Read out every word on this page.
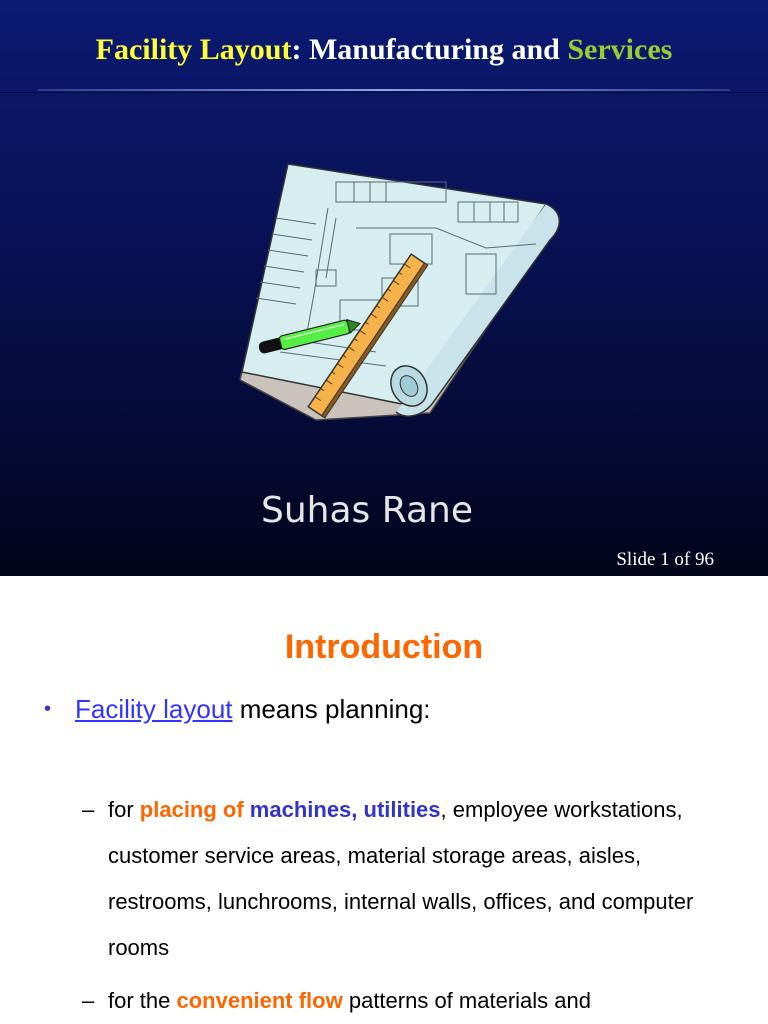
Facility Layout: Manufacturing and Services
Suhas Rane
Slide 1 of 96
Introduction
• Facility layout means planning:
– for placing of machines, utilities, employee workstations, customer service areas, material storage areas, aisles, restrooms, lunchrooms, internal walls, offices, and computer rooms
– for the convenient flow patterns of materials and
